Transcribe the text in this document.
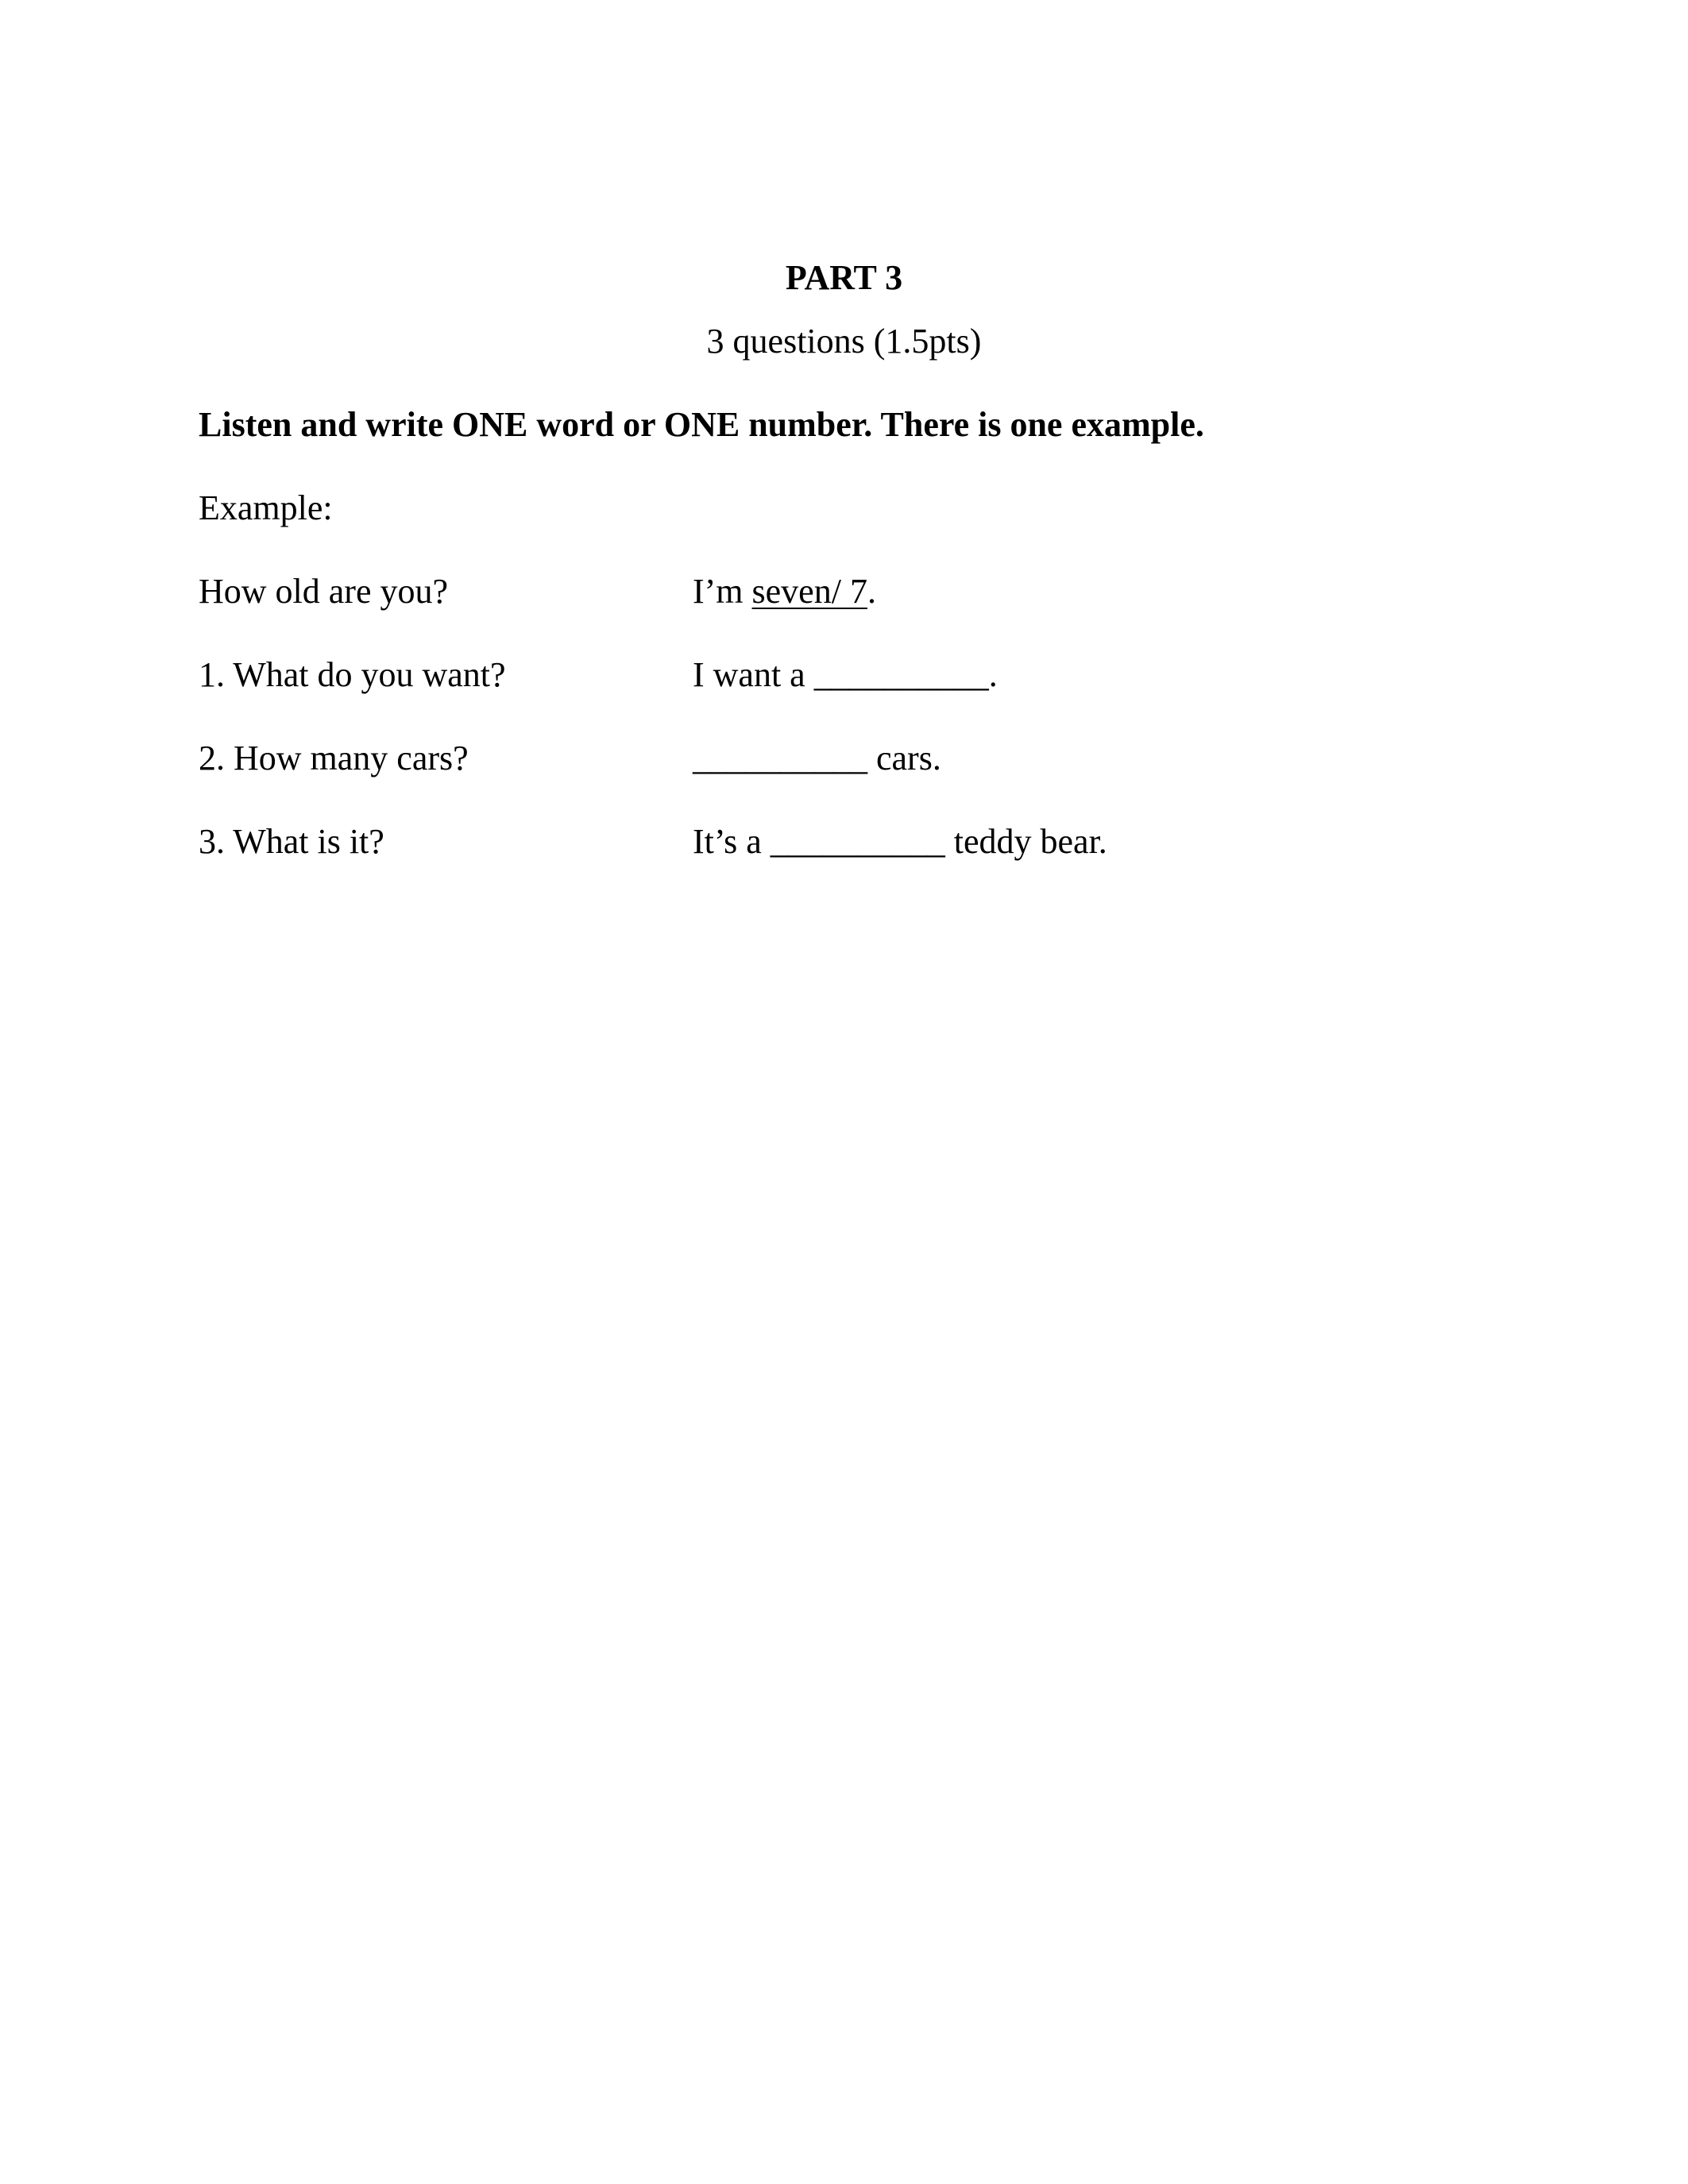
PART 3
3 questions (1.5pts)
Listen and write ONE word or ONE number. There is one example.
Example:
How old are you?	I’m seven/ 7.
1. What do you want?	I want a __________.
2. How many cars?	__________ cars.
3. What is it?	It’s a __________ teddy bear.
